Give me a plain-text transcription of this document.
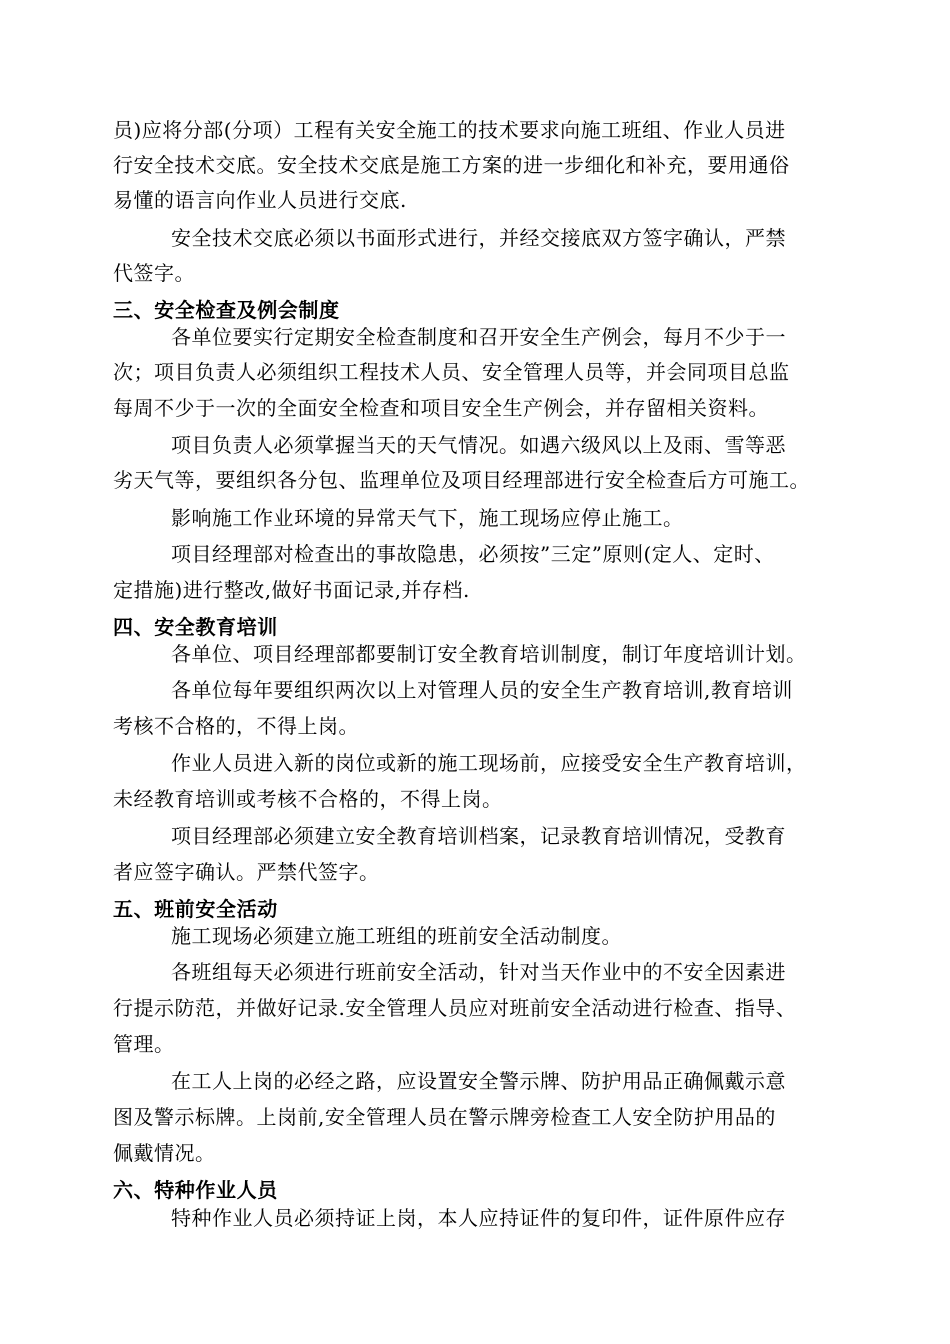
员)应将分部(分项）工程有关安全施工的技术要求向施工班组、作业人员进
行安全技术交底。安全技术交底是施工方案的进一步细化和补充，要用通俗
易懂的语言向作业人员进行交底.
安全技术交底必须以书面形式进行，并经交接底双方签字确认，严禁
代签字。
三、安全检查及例会制度
各单位要实行定期安全检查制度和召开安全生产例会，每月不少于一
次；项目负责人必须组织工程技术人员、安全管理人员等，并会同项目总监
每周不少于一次的全面安全检查和项目安全生产例会，并存留相关资料。
项目负责人必须掌握当天的天气情况。如遇六级风以上及雨、雪等恶
劣天气等，要组织各分包、监理单位及项目经理部进行安全检查后方可施工。
影响施工作业环境的异常天气下，施工现场应停止施工。
项目经理部对检查出的事故隐患，必须按”三定”原则(定人、定时、
定措施)进行整改,做好书面记录,并存档.
四、安全教育培训
各单位、项目经理部都要制订安全教育培训制度，制订年度培训计划。
各单位每年要组织两次以上对管理人员的安全生产教育培训,教育培训
考核不合格的，不得上岗。
作业人员进入新的岗位或新的施工现场前，应接受安全生产教育培训，
未经教育培训或考核不合格的，不得上岗。
项目经理部必须建立安全教育培训档案，记录教育培训情况，受教育
者应签字确认。严禁代签字。
五、班前安全活动
施工现场必须建立施工班组的班前安全活动制度。
各班组每天必须进行班前安全活动，针对当天作业中的不安全因素进
行提示防范，并做好记录.安全管理人员应对班前安全活动进行检查、指导、
管理。
在工人上岗的必经之路，应设置安全警示牌、防护用品正确佩戴示意
图及警示标牌。上岗前,安全管理人员在警示牌旁检查工人安全防护用品的
佩戴情况。
六、特种作业人员
特种作业人员必须持证上岗，本人应持证件的复印件，证件原件应存
